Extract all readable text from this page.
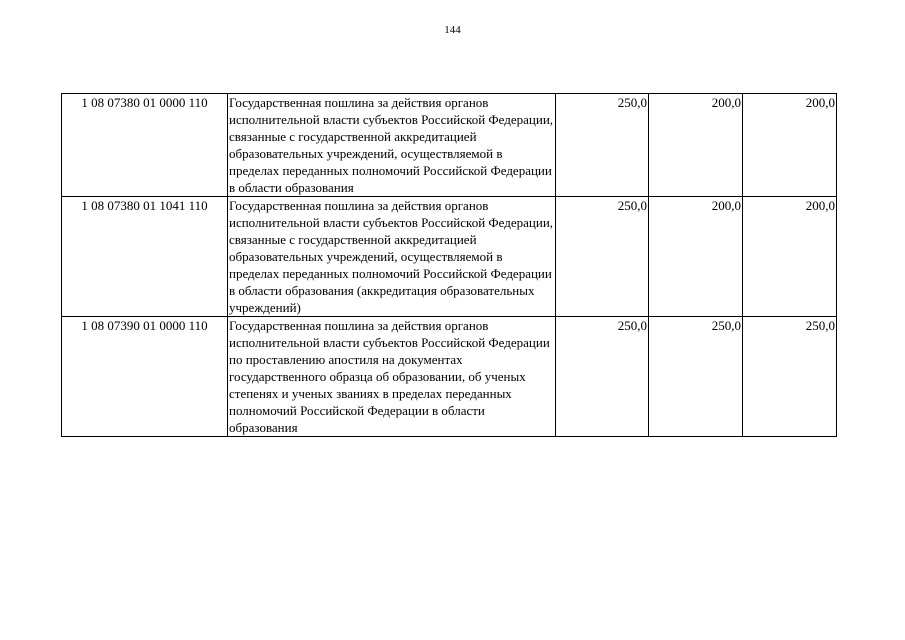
144
1 08 07380 01 0000 110	Государственная пошлина за действия органов исполнительной власти субъектов Российской Федерации, связанные с государственной аккредитацией образовательных учреждений, осуществляемой в пределах переданных полномочий Российской Федерации в области образования	250,0	200,0	200,0
1 08 07380 01 1041 110	Государственная пошлина за действия органов исполнительной власти субъектов Российской Федерации, связанные с государственной аккредитацией образовательных учреждений, осуществляемой в пределах переданных полномочий Российской Федерации в области образования (аккредитация образовательных учреждений)	250,0	200,0	200,0
1 08 07390 01 0000 110	Государственная пошлина за действия органов исполнительной власти субъектов Российской Федерации по проставлению апостиля на документах государственного образца об образовании, об ученых степенях и ученых званиях в пределах переданных полномочий Российской Федерации в области образования	250,0	250,0	250,0
